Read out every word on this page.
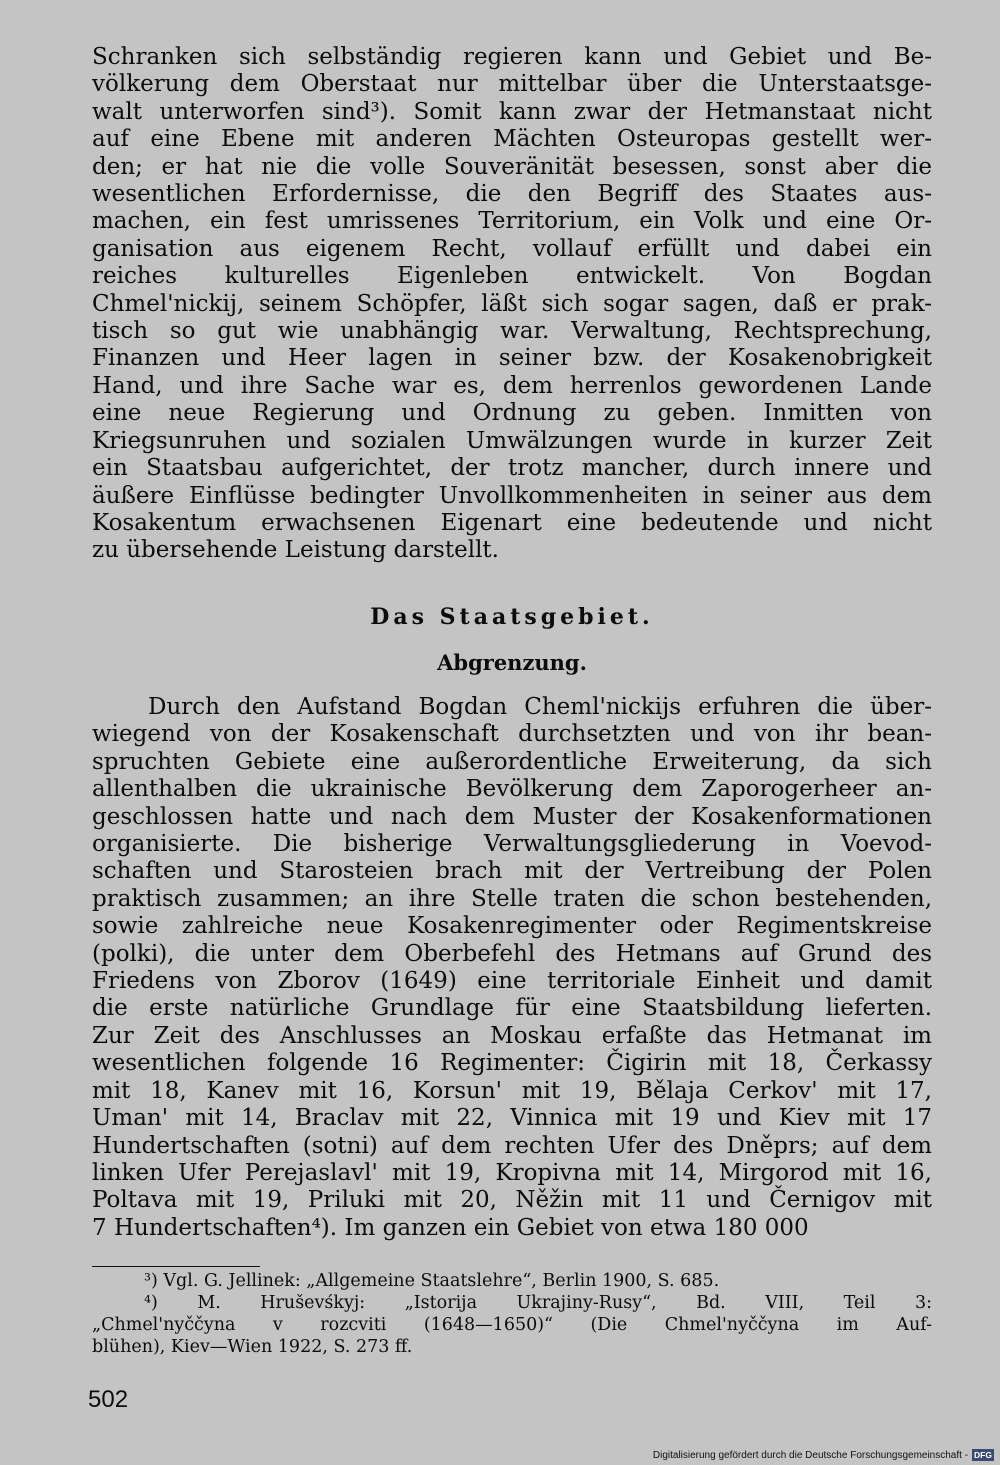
Schranken sich selbständig regieren kann und Gebiet und Be-
völkerung dem Oberstaat nur mittelbar über die Unterstaatsge-
walt unterworfen sind³). Somit kann zwar der Hetmanstaat nicht
auf eine Ebene mit anderen Mächten Osteuropas gestellt wer-
den; er hat nie die volle Souveränität besessen, sonst aber die
wesentlichen Erfordernisse, die den Begriff des Staates aus-
machen, ein fest umrissenes Territorium, ein Volk und eine Or-
ganisation aus eigenem Recht, vollauf erfüllt und dabei ein
reiches kulturelles Eigenleben entwickelt. Von Bogdan
Chmel'nickij, seinem Schöpfer, läßt sich sogar sagen, daß er prak-
tisch so gut wie unabhängig war. Verwaltung, Rechtsprechung,
Finanzen und Heer lagen in seiner bzw. der Kosakenobrigkeit
Hand, und ihre Sache war es, dem herrenlos gewordenen Lande
eine neue Regierung und Ordnung zu geben. Inmitten von
Kriegsunruhen und sozialen Umwälzungen wurde in kurzer Zeit
ein Staatsbau aufgerichtet, der trotz mancher, durch innere und
äußere Einflüsse bedingter Unvollkommenheiten in seiner aus dem
Kosakentum erwachsenen Eigenart eine bedeutende und nicht
zu übersehende Leistung darstellt.
Das Staatsgebiet.
Abgrenzung.
Durch den Aufstand Bogdan Cheml'nickijs erfuhren die über-
wiegend von der Kosakenschaft durchsetzten und von ihr bean-
spruchten Gebiete eine außerordentliche Erweiterung, da sich
allenthalben die ukrainische Bevölkerung dem Zaporogerheer an-
geschlossen hatte und nach dem Muster der Kosakenformationen
organisierte. Die bisherige Verwaltungsgliederung in Voevod-
schaften und Starosteien brach mit der Vertreibung der Polen
praktisch zusammen; an ihre Stelle traten die schon bestehenden,
sowie zahlreiche neue Kosakenregimenter oder Regimentskreise
(polki), die unter dem Oberbefehl des Hetmans auf Grund des
Friedens von Zborov (1649) eine territoriale Einheit und damit
die erste natürliche Grundlage für eine Staatsbildung lieferten.
Zur Zeit des Anschlusses an Moskau erfaßte das Hetmanat im
wesentlichen folgende 16 Regimenter: Čigirin mit 18, Čerkassy
mit 18, Kanev mit 16, Korsun' mit 19, Bělaja Cerkov' mit 17,
Uman' mit 14, Braclav mit 22, Vinnica mit 19 und Kiev mit 17
Hundertschaften (sotni) auf dem rechten Ufer des Dněprs; auf dem
linken Ufer Perejaslavl' mit 19, Kropivna mit 14, Mirgorod mit 16,
Poltava mit 19, Priluki mit 20, Něžin mit 11 und Černigov mit
7 Hundertschaften⁴). Im ganzen ein Gebiet von etwa 180 000
³) Vgl. G. Jellinek: „Allgemeine Staatslehre“, Berlin 1900, S. 685.
⁴) M. Hruševśkyj: „Istorija Ukrajiny-Rusy“, Bd. VIII, Teil 3:
„Chmel'nyččyna v rozcviti (1648—1650)“ (Die Chmel'nyččyna im Auf-
blühen), Kiev—Wien 1922, S. 273 ff.
502
Digitalisierung gefördert durch die Deutsche Forschungsgemeinschaft - DFG
